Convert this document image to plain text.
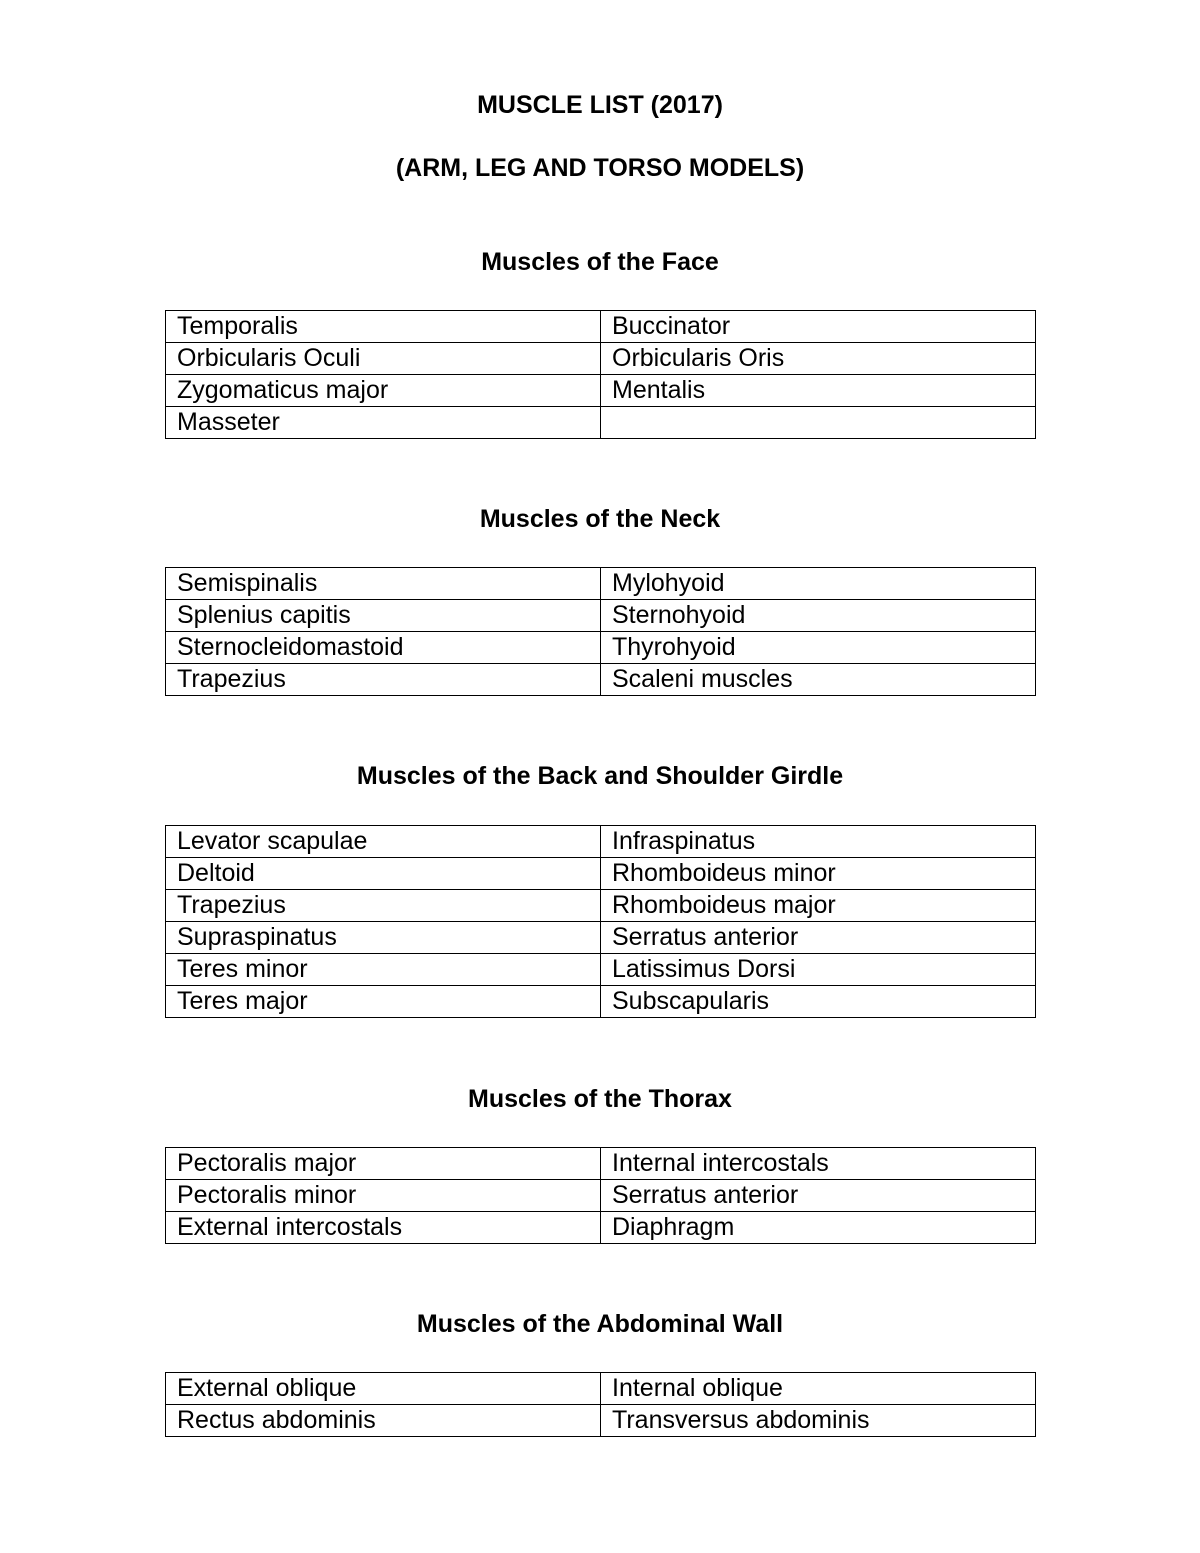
MUSCLE LIST (2017)
(ARM, LEG AND TORSO MODELS)
Muscles of the Face
Temporalis	Buccinator
Orbicularis Oculi	Orbicularis Oris
Zygomaticus major	Mentalis
Masseter	
Muscles of the Neck
Semispinalis	Mylohyoid
Splenius capitis	Sternohyoid
Sternocleidomastoid	Thyrohyoid
Trapezius	Scaleni muscles
Muscles of the Back and Shoulder Girdle
Levator scapulae	Infraspinatus
Deltoid	Rhomboideus minor
Trapezius	Rhomboideus major
Supraspinatus	Serratus anterior
Teres minor	Latissimus Dorsi
Teres major	Subscapularis
Muscles of the Thorax
Pectoralis major	Internal intercostals
Pectoralis minor	Serratus anterior
External intercostals	Diaphragm
Muscles of the Abdominal Wall
External oblique	Internal oblique
Rectus abdominis	Transversus abdominis
